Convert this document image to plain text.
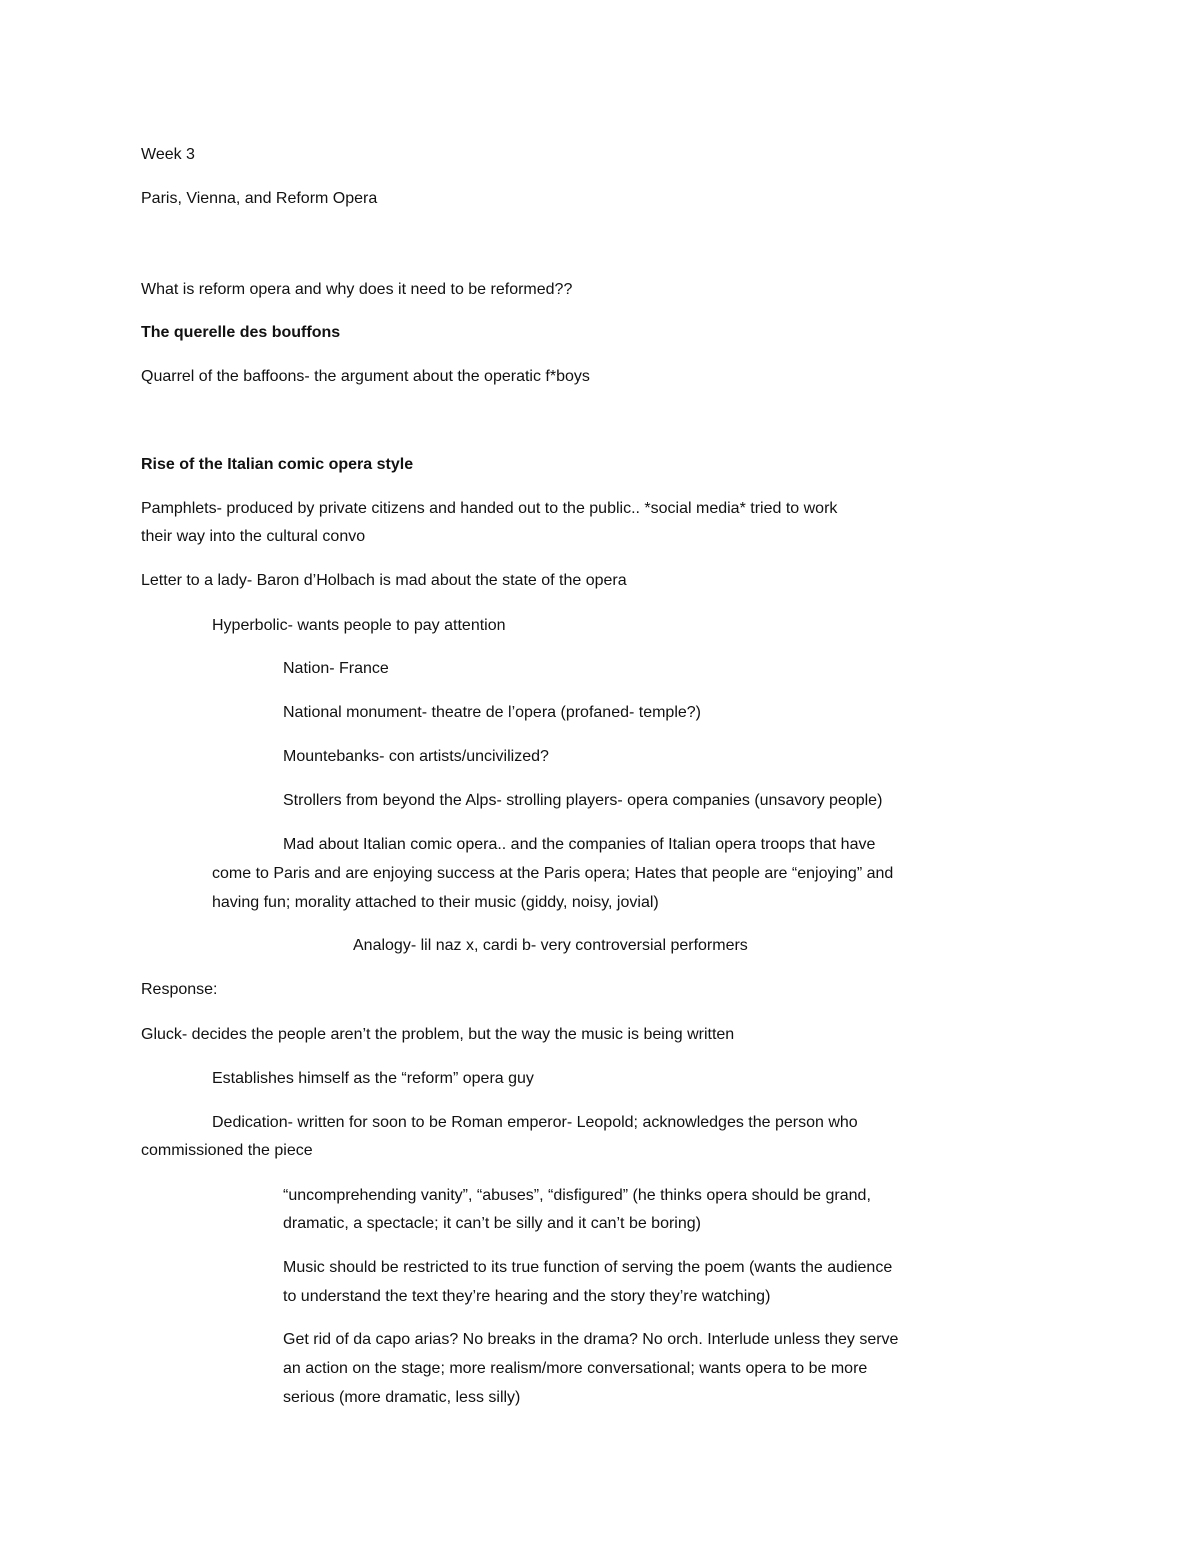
Week 3
Paris, Vienna, and Reform Opera
What is reform opera and why does it need to be reformed??
The querelle des bouffons
Quarrel of the baffoons- the argument about the operatic f*boys
Rise of the Italian comic opera style
Pamphlets- produced by private citizens and handed out to the public.. *social media* tried to work
their way into the cultural convo
Letter to a lady- Baron d’Holbach is mad about the state of the opera
Hyperbolic- wants people to pay attention
Nation- France
National monument- theatre de l’opera (profaned- temple?)
Mountebanks- con artists/uncivilized?
Strollers from beyond the Alps- strolling players- opera companies (unsavory people)
Mad about Italian comic opera.. and the companies of Italian opera troops that have
come to Paris and are enjoying success at the Paris opera; Hates that people are “enjoying” and
having fun; morality attached to their music (giddy, noisy, jovial)
Analogy- lil naz x, cardi b- very controversial performers
Response:
Gluck- decides the people aren’t the problem, but the way the music is being written
Establishes himself as the “reform” opera guy
Dedication- written for soon to be Roman emperor- Leopold; acknowledges the person who
commissioned the piece
“uncomprehending vanity”, “abuses”, “disfigured” (he thinks opera should be grand,
dramatic, a spectacle; it can’t be silly and it can’t be boring)
Music should be restricted to its true function of serving the poem (wants the audience
to understand the text they’re hearing and the story they’re watching)
Get rid of da capo arias? No breaks in the drama? No orch. Interlude unless they serve
an action on the stage; more realism/more conversational; wants opera to be more
serious (more dramatic, less silly)
